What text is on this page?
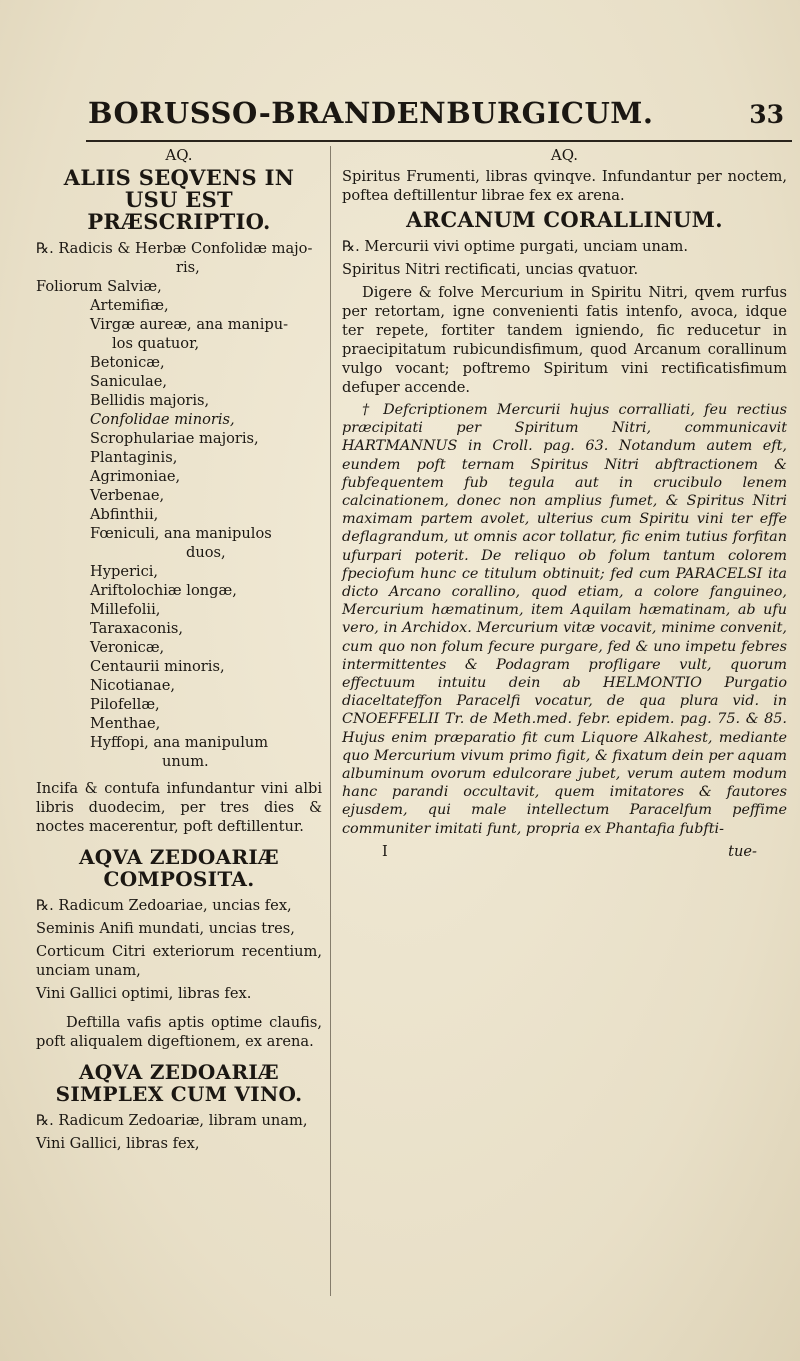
BORUSSO-BRANDENBURGICUM.	33
AQ.
ALIIS SEQVENS IN USU EST PRÆSCRIPTIO.

℞. Radicis & Herbæ Confolidæ majo-

ris,

Foliorum Salviæ,

Artemifiæ,

Virgæ aureæ, ana manipu-

los quatuor,

Betonicæ,

Saniculae,

Bellidis majoris,

Confolidae minoris,

Scrophulariae majoris,

Plantaginis,

Agrimoniae,

Verbenae,

Abfinthii,

Fœniculi, ana manipulos

duos,

Hyperici,

Ariftolochiæ longæ,

Millefolii,

Taraxaconis,

Veronicæ,

Centaurii minoris,

Nicotianae,

Pilofellæ,

Menthae,

Hyffopi, ana manipulum

unum.

Incifa & contufa infundantur vini albi libris duodecim, per tres dies & noctes macerentur, poft deftillentur.

AQVA ZEDOARIÆ COMPOSITA.

℞. Radicum Zedoariae, uncias fex,

Seminis Anifi mundati, uncias tres,

Corticum Citri exteriorum recentium, unciam unam,

Vini Gallici optimi, libras fex.

Deftilla vafis aptis optime claufis, poft aliqualem digeftionem, ex arena.

AQVA ZEDOARIÆ SIMPLEX CUM VINO.

℞. Radicum Zedoariæ, libram unam,

Vini Gallici, libras fex,

AQ.

Spiritus Frumenti, libras qvinqve. Infundantur per noctem, poftea deftillentur librae fex ex arena.

ARCANUM CORALLINUM.

℞. Mercurii vivi optime purgati, unciam unam.

Spiritus Nitri rectificati, uncias qvatuor.

Digere & folve Mercurium in Spiritu Nitri, qvem rurfus per retortam, igne convenienti fatis intenfo, avoca, idque ter repete, fortiter tandem igniendo, fic reducetur in praecipitatum rubicundisfimum, quod Arcanum corallinum vulgo vocant; poftremo Spiritum vini rectificatisfimum defuper accende.

† Defcriptionem Mercurii hujus corralliati, feu rectius præcipitati per Spiritum Nitri, communicavit HARTMANNUS in Croll. pag. 63. Notandum autem eft, eundem poft ternam Spiritus Nitri abftractionem & fubfequentem fub tegula aut in crucibulo lenem calcinationem, donec non amplius fumet, & Spiritus Nitri maximam partem avolet, ulterius cum Spiritu vini ter effe deflagrandum, ut omnis acor tollatur, fic enim tutius forfitan ufurpari poterit. De reliquo ob folum tantum colorem fpeciofum hunc ce titulum obtinuit; fed cum PARACELSI ita dicto Arcano corallino, quod etiam, a colore fanguineo, Mercurium hæmatinum, item Aquilam hæmatinam, ab ufu vero, in Archidox. Mercurium vitæ vocavit, minime convenit, cum quo non folum fecure purgare, fed & uno impetu febres intermittentes & Podagram profligare vult, quorum effectuum intuitu dein ab HELMONTIO Purgatio diaceltateffon Paracelfi vocatur, de qua plura vid. in CNOEFFELII Tr. de Meth.med. febr. epidem. pag. 75. & 85. Hujus enim præparatio fit cum Liquore Alkahest, mediante quo Mercurium vivum primo figit, & fixatum dein per aquam albuminum ovorum edulcorare jubet, verum autem modum hanc parandi occultavit, quem imitatores & fautores ejusdem, qui male intellectum Paracelfum peffime communiter imitati funt, propria ex Phantafia fubfti-

I	tue-
